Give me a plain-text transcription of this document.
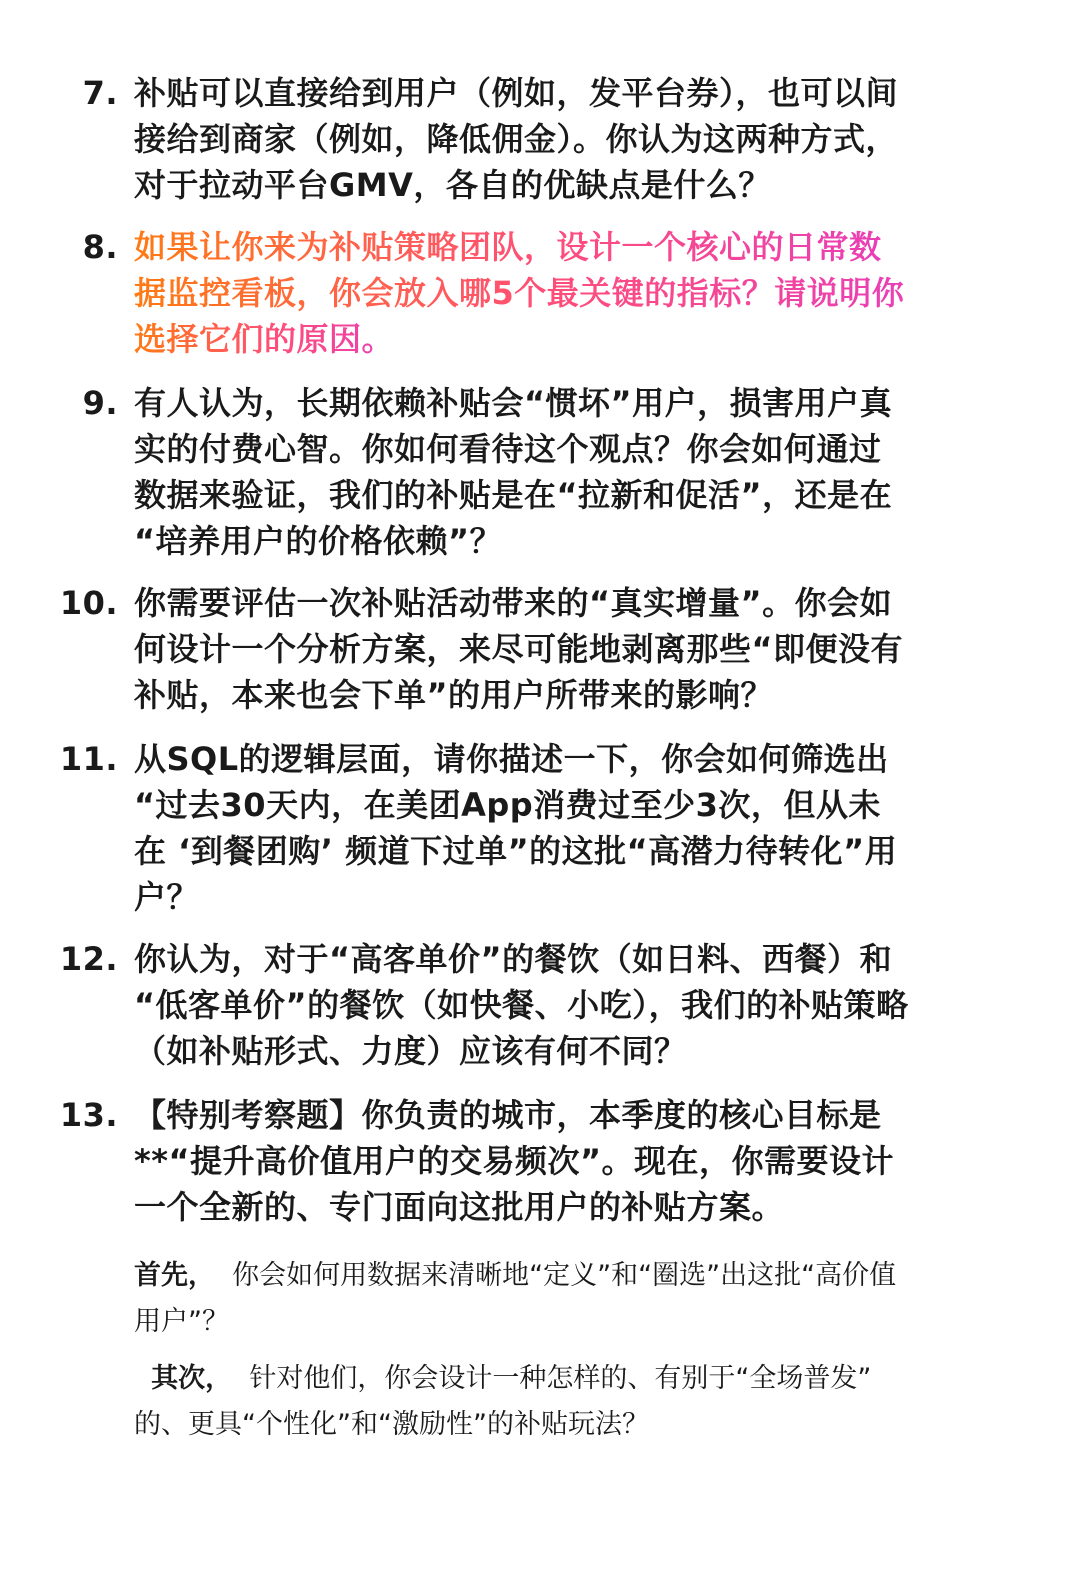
7. 补贴可以直接给到用户（例如，发平台券），也可以间
接给到商家（例如，降低佣金）。你认为这两种方式，
对于拉动平台GMV，各自的优缺点是什么？
8. 如果让你来为补贴策略团队，设计一个核心的日常数
据监控看板，你会放入哪5个最关键的指标？请说明你
选择它们的原因。
9. 有人认为，长期依赖补贴会“惯坏”用户，损害用户真
实的付费心智。你如何看待这个观点？你会如何通过
数据来验证，我们的补贴是在“拉新和促活”，还是在
“培养用户的价格依赖”？
10. 你需要评估一次补贴活动带来的“真实增量”。你会如
何设计一个分析方案，来尽可能地剥离那些“即便没有
补贴，本来也会下单”的用户所带来的影响？
11. 从SQL的逻辑层面，请你描述一下，你会如何筛选出
“过去30天内，在美团App消费过至少3次，但从未
在 ‘到餐团购’ 频道下过单”的这批“高潜力待转化”用
户？
12. 你认为，对于“高客单价”的餐饮（如日料、西餐）和
“低客单价”的餐饮（如快餐、小吃），我们的补贴策略
（如补贴形式、力度）应该有何不同？
13. 【特别考察题】你负责的城市，本季度的核心目标是
**“提升高价值用户的交易频次”。现在，你需要设计
一个全新的、专门面向这批用户的补贴方案。
首先， 你会如何用数据来清晰地“定义”和“圈选”出这批“高价值
用户”？
其次， 针对他们，你会设计一种怎样的、有别于“全场普发”
的、更具“个性化”和“激励性”的补贴玩法？
